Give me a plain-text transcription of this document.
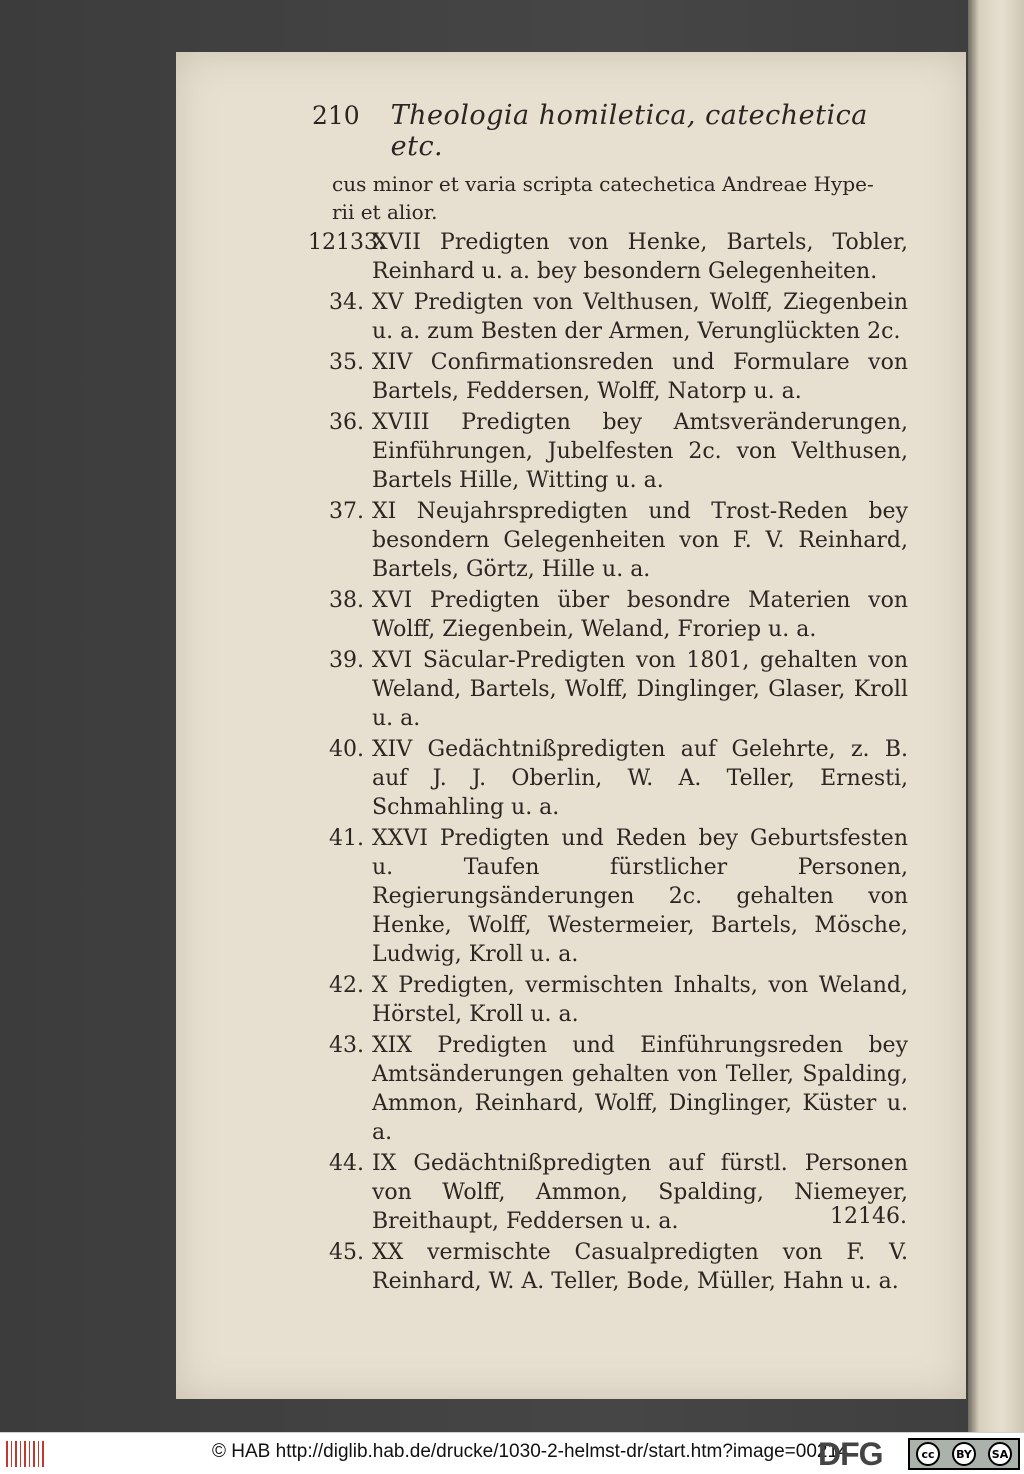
210	Theologia homiletica, catechetica etc.
cus minor et varia scripta catechetica Andreae Hype-
rii et alior.
12133.
XVII Predigten von Henke, Bartels, Tobler, Reinhard u. a. bey besondern Gelegenheiten.
34. XV Predigten von Velthusen, Wolff, Ziegenbein u. a. zum Besten der Armen, Verunglückten 2c.
35. XIV Confirmationsreden und Formulare von Bartels, Feddersen, Wolff, Natorp u. a.
36. XVIII Predigten bey Amtsveränderungen, Einführungen, Jubelfesten 2c. von Velthusen, Bartels Hille, Witting u. a.
37. XI Neujahrspredigten und Trost-Reden bey besondern Gelegenheiten von F. V. Reinhard, Bartels, Görtz, Hille u. a.
38. XVI Predigten über besondre Materien von Wolff, Ziegenbein, Weland, Froriep u. a.
39. XVI Säcular-Predigten von 1801, gehalten von Weland, Bartels, Wolff, Dinglinger, Glaser, Kroll u. a.
40. XIV Gedächtnißpredigten auf Gelehrte, z. B. auf J. J. Oberlin, W. A. Teller, Ernesti, Schmahling u. a.
41. XXVI Predigten und Reden bey Geburtsfesten u. Taufen fürstlicher Personen, Regierungsänderungen 2c. gehalten von Henke, Wolff, Westermeier, Bartels, Mösche, Ludwig, Kroll u. a.
42. X Predigten, vermischten Inhalts, von Weland, Hörstel, Kroll u. a.
43. XIX Predigten und Einführungsreden bey Amtsänderungen gehalten von Teller, Spalding, Ammon, Reinhard, Wolff, Dinglinger, Küster u. a.
44. IX Gedächtnißpredigten auf fürstl. Personen von Wolff, Ammon, Spalding, Niemeyer, Breithaupt, Feddersen u. a.
45. XX vermischte Casualpredigten von F. V. Reinhard, W. A. Teller, Bode, Müller, Hahn u. a.
12146.
© HAB http://diglib.hab.de/drucke/1030-2-helmst-dr/start.htm?image=00214
DFG	cc	BY	SA
